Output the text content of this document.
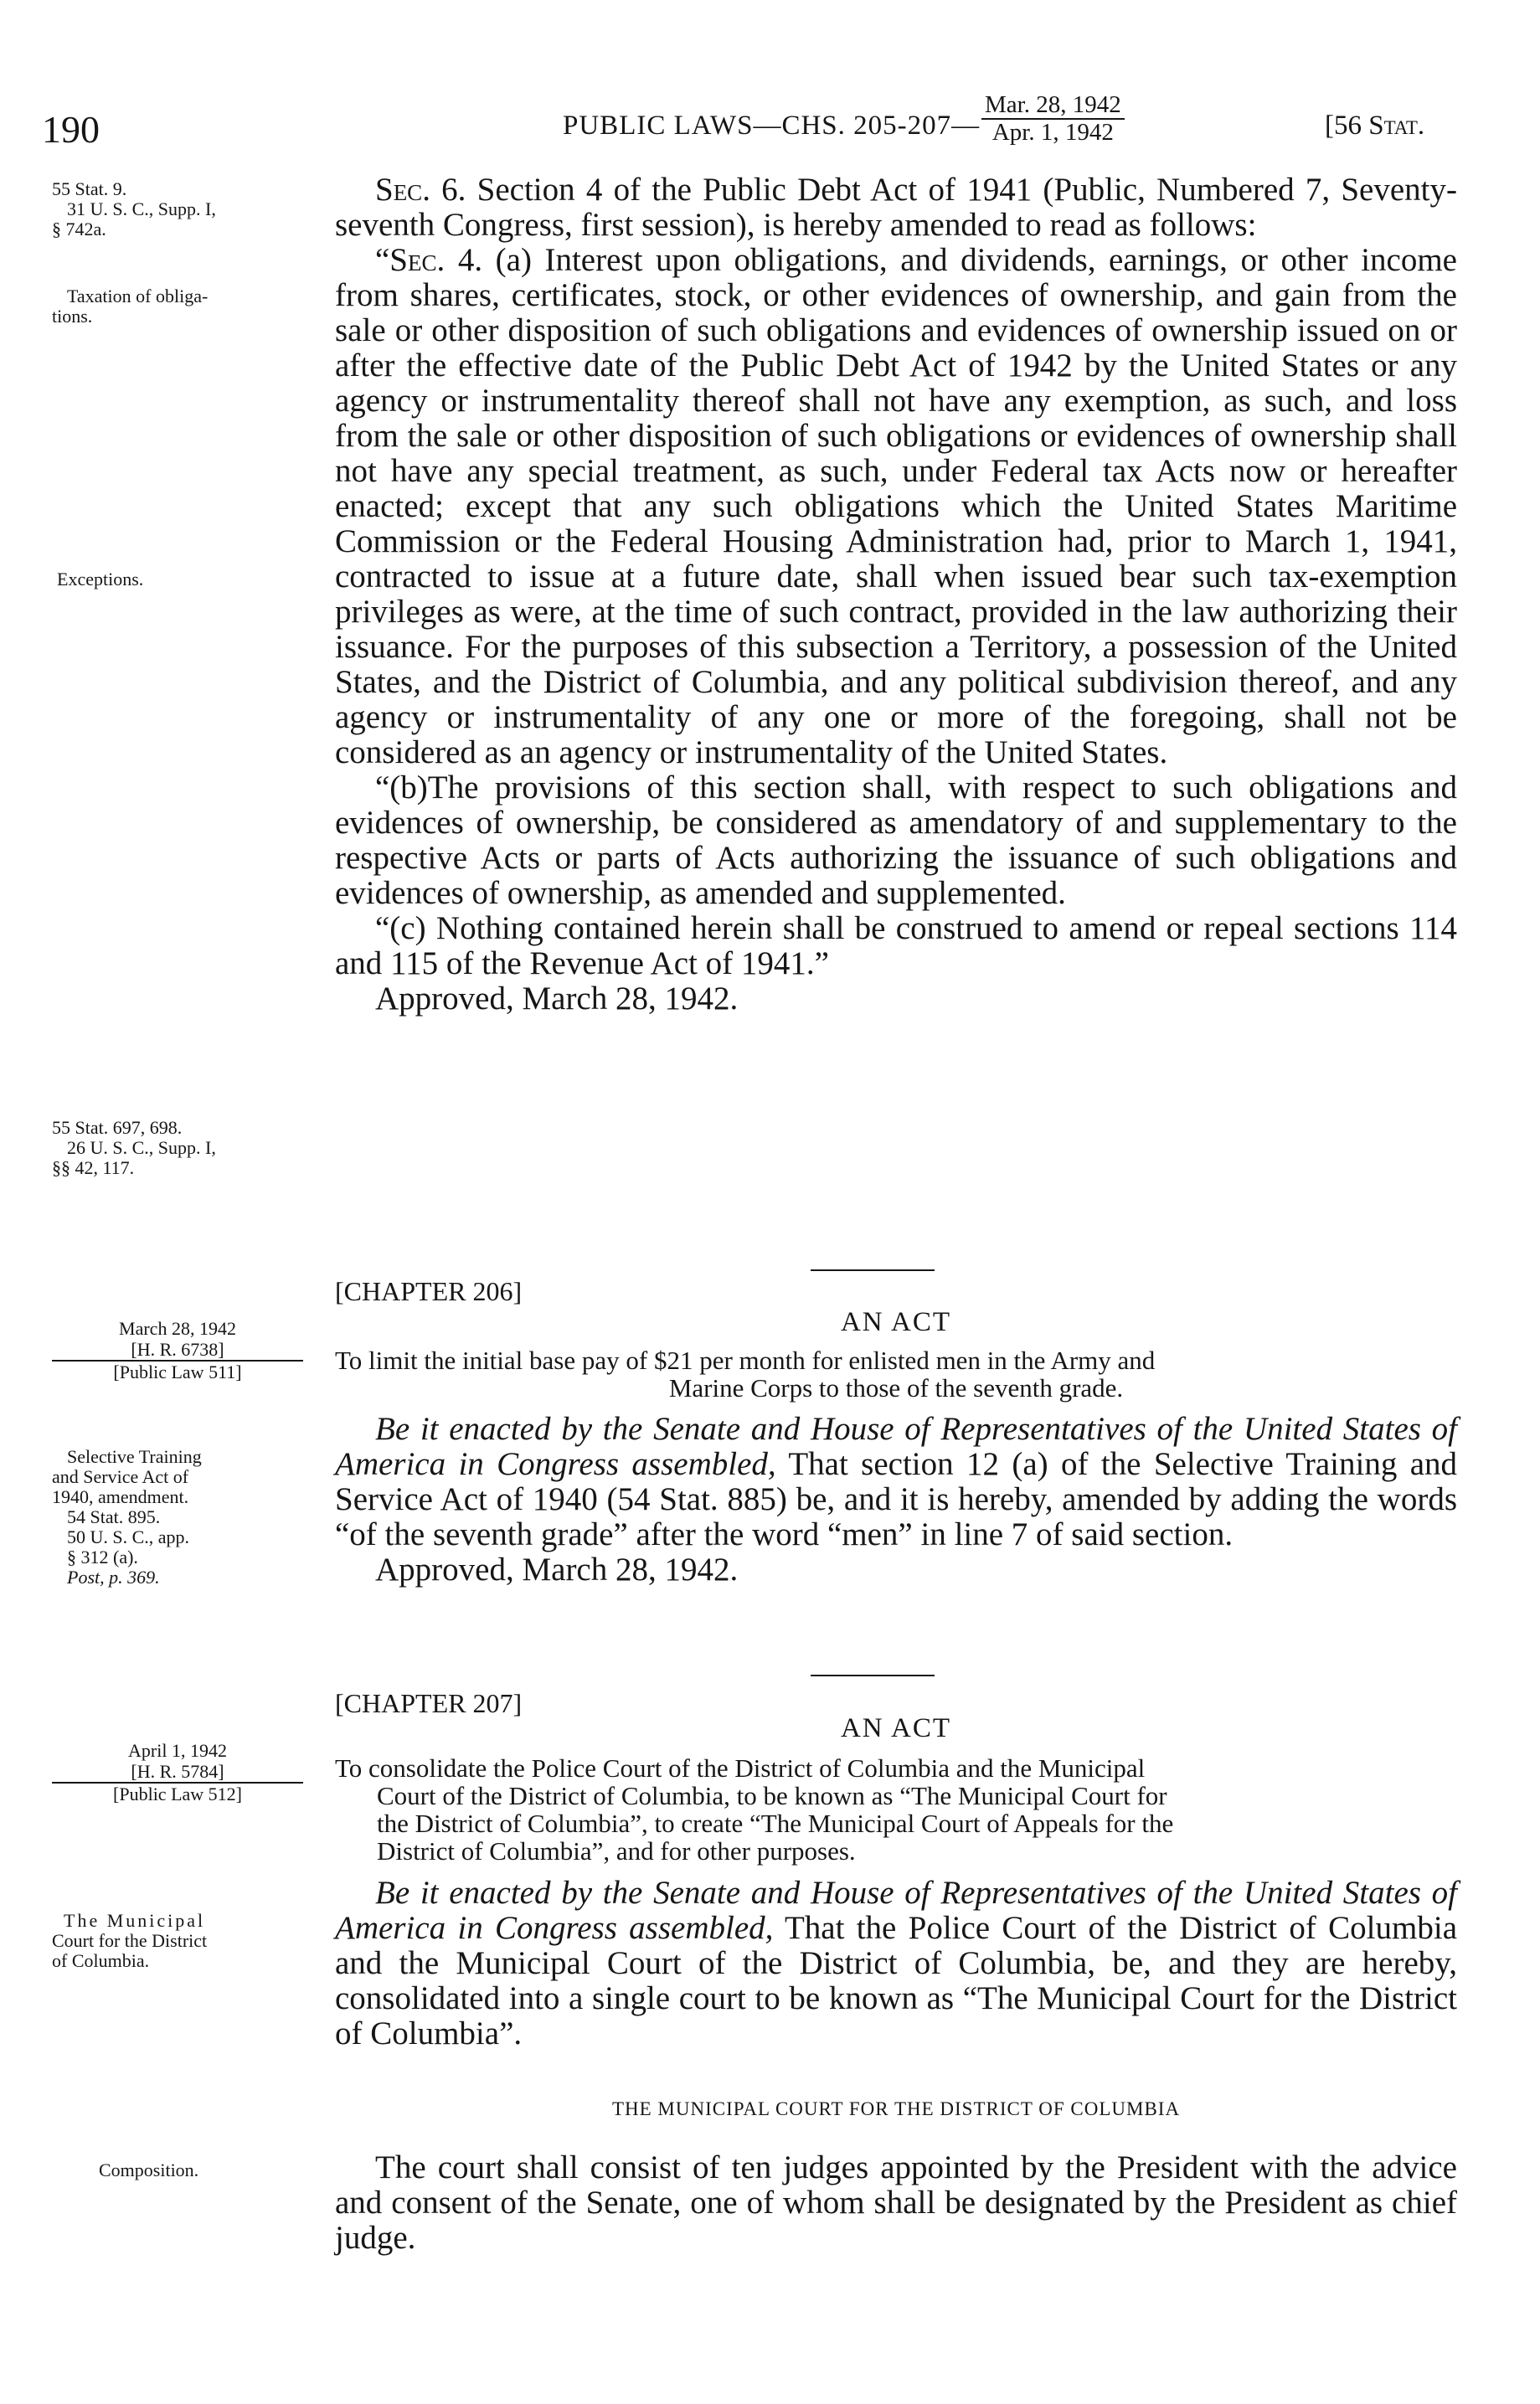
190	PUBLIC LAWS—CHS. 205-207—
Mar. 28, 1942
Apr. 1, 1942	[56 Stat.
55 Stat. 9.

31 U. S. C., Supp. I,
§ 742a.
Taxation of obliga-
tions.
Exceptions.
55 Stat. 697, 698.

26 U. S. C., Supp. I,
§§ 42, 117.
March 28, 1942
[H. R. 6738]
[Public Law 511]
Selective Training
and Service Act of
1940, amendment.

54 Stat. 895.
50 U. S. C., app.
§ 312 (a).
Post, p. 369.
April 1, 1942
[H. R. 5784]
[Public Law 512]
The Municipal
Court for the District
of Columbia.
Composition.

Sec. 6. Section 4 of the Public Debt Act of 1941 (Public, Numbered 7, Seventy-seventh Congress, first session), is hereby amended to read as follows:

“Sec. 4. (a) Interest upon obligations, and dividends, earnings, or other income from shares, certificates, stock, or other evidences of ownership, and gain from the sale or other disposition of such obligations and evidences of ownership issued on or after the effective date of the Public Debt Act of 1942 by the United States or any agency or instrumentality thereof shall not have any exemption, as such, and loss from the sale or other disposition of such obligations or evidences of ownership shall not have any special treatment, as such, under Federal tax Acts now or hereafter enacted; except that any such obligations which the United States Maritime Commission or the Federal Housing Administration had, prior to March 1, 1941, contracted to issue at a future date, shall when issued bear such tax-exemption privileges as were, at the time of such contract, provided in the law authorizing their issuance. For the purposes of this subsection a Territory, a possession of the United States, and the District of Columbia, and any political subdivision thereof, and any agency or instrumentality of any one or more of the foregoing, shall not be considered as an agency or instrumentality of the United States.

“(b)The provisions of this section shall, with respect to such obligations and evidences of ownership, be considered as amendatory of and supplementary to the respective Acts or parts of Acts authorizing the issuance of such obligations and evidences of ownership, as amended and supplemented.

“(c) Nothing contained herein shall be construed to amend or repeal sections 114 and 115 of the Revenue Act of 1941.”

Approved, March 28, 1942.

[CHAPTER 206]
AN ACT
To limit the initial base pay of $21 per month for enlisted men in the Army and
Marine Corps to those of the seventh grade.

Be it enacted by the Senate and House of Representatives of the United States of America in Congress assembled, That section 12 (a) of the Selective Training and Service Act of 1940 (54 Stat. 885) be, and it is hereby, amended by adding the words “of the seventh grade” after the word “men” in line 7 of said section.

Approved, March 28, 1942.

[CHAPTER 207]
AN ACT
To consolidate the Police Court of the District of Columbia and the Municipal
Court of the District of Columbia, to be known as “The Municipal Court for
the District of Columbia”, to create “The Municipal Court of Appeals for the
District of Columbia”, and for other purposes.

Be it enacted by the Senate and House of Representatives of the United States of America in Congress assembled, That the Police Court of the District of Columbia and the Municipal Court of the District of Columbia, be, and they are hereby, consolidated into a single court to be known as “The Municipal Court for the District of Columbia”.

THE MUNICIPAL COURT FOR THE DISTRICT OF COLUMBIA

The court shall consist of ten judges appointed by the President with the advice and consent of the Senate, one of whom shall be designated by the President as chief judge.
